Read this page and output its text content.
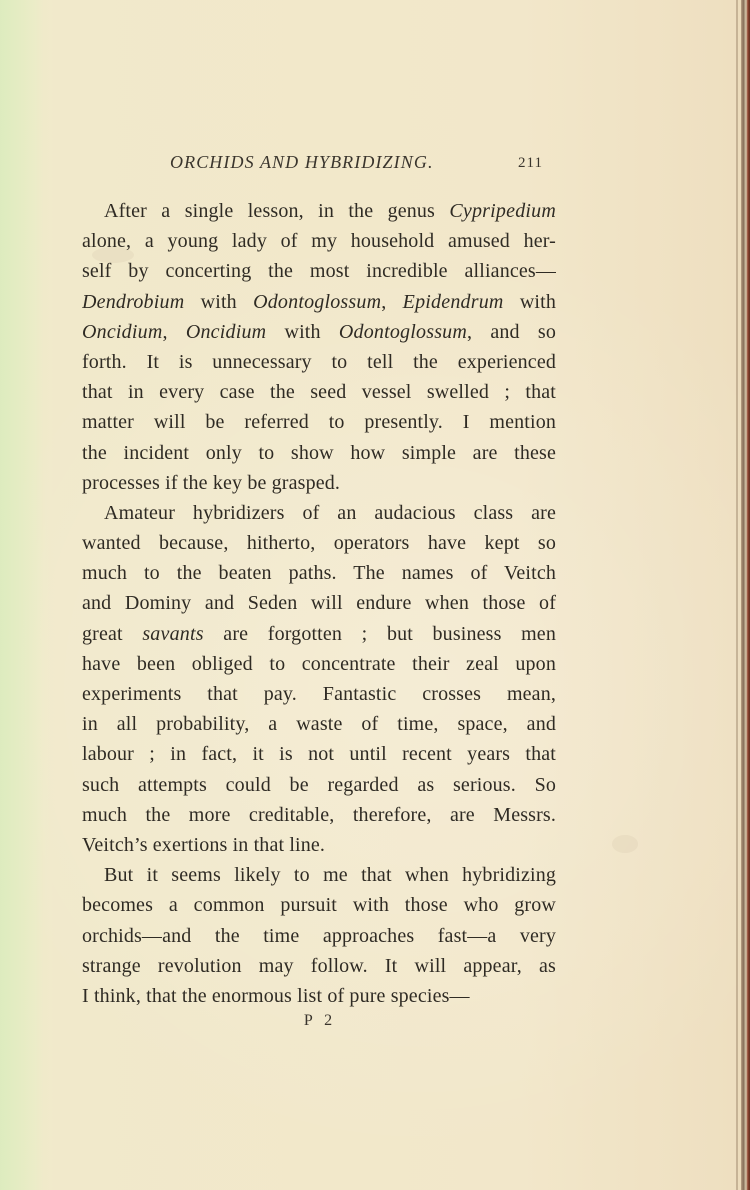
ORCHIDS AND HYBRIDIZING.	211
After a single lesson, in the genus Cypripedium
alone, a young lady of my household amused her-
self by concerting the most incredible alliances—
Dendrobium with Odontoglossum, Epidendrum with
Oncidium, Oncidium with Odontoglossum, and so
forth. It is unnecessary to tell the experienced
that in every case the seed vessel swelled ; that
matter will be referred to presently. I mention
the incident only to show how simple are these
processes if the key be grasped.
Amateur hybridizers of an audacious class are
wanted because, hitherto, operators have kept so
much to the beaten paths. The names of Veitch
and Dominy and Seden will endure when those of
great savants are forgotten ; but business men
have been obliged to concentrate their zeal upon
experiments that pay. Fantastic crosses mean,
in all probability, a waste of time, space, and
labour ; in fact, it is not until recent years that
such attempts could be regarded as serious. So
much the more creditable, therefore, are Messrs.
Veitch’s exertions in that line.
But it seems likely to me that when hybridizing
becomes a common pursuit with those who grow
orchids—and the time approaches fast—a very
strange revolution may follow. It will appear, as
I think, that the enormous list of pure species—
P 2
